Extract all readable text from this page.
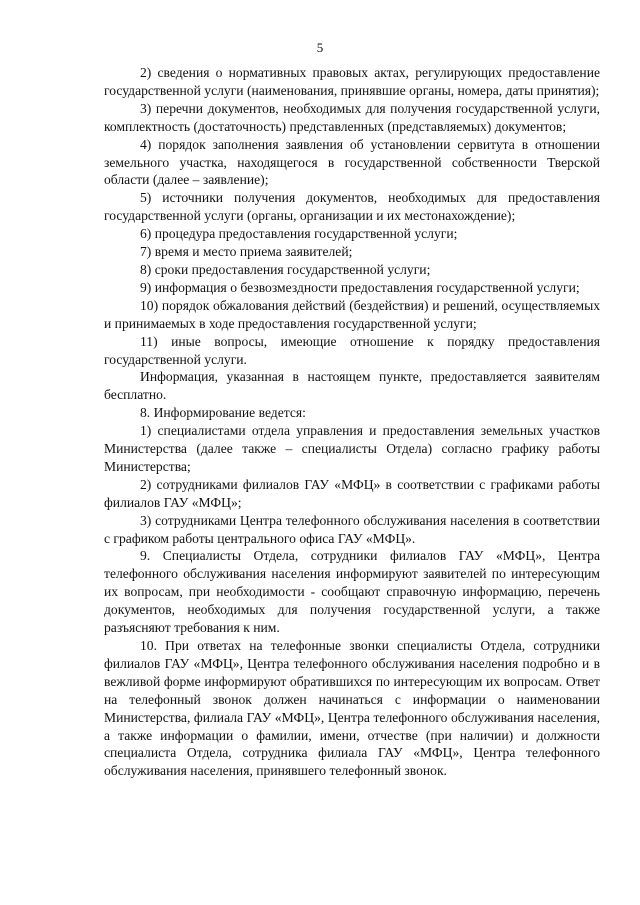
5

2) сведения о нормативных правовых актах, регулирующих предоставление государственной услуги (наименования, принявшие органы, номера, даты принятия);

3) перечни документов, необходимых для получения государственной услуги, комплектность (достаточность) представленных (представляемых) документов;

4) порядок заполнения заявления об установлении сервитута в отношении земельного участка, находящегося в государственной собственности Тверской области (далее – заявление);

5) источники получения документов, необходимых для предоставления государственной услуги (органы, организации и их местонахождение);

6) процедура предоставления государственной услуги;

7) время и место приема заявителей;

8) сроки предоставления государственной услуги;

9) информация о безвозмездности предоставления государственной услуги;

10) порядок обжалования действий (бездействия) и решений, осуществляемых и принимаемых в ходе предоставления государственной услуги;

11) иные вопросы, имеющие отношение к порядку предоставления государственной услуги.

Информация, указанная в настоящем пункте, предоставляется заявителям бесплатно.

8. Информирование ведется:

1) специалистами отдела управления и предоставления земельных участков Министерства (далее также – специалисты Отдела) согласно графику работы Министерства;

2) сотрудниками филиалов ГАУ «МФЦ» в соответствии с графиками работы филиалов ГАУ «МФЦ»;

3) сотрудниками Центра телефонного обслуживания населения в соответствии с графиком работы центрального офиса ГАУ «МФЦ».

9. Специалисты Отдела, сотрудники филиалов ГАУ «МФЦ», Центра телефонного обслуживания населения информируют заявителей по интересующим их вопросам, при необходимости - сообщают справочную информацию, перечень документов, необходимых для получения государственной услуги, а также разъясняют требования к ним.

10. При ответах на телефонные звонки специалисты Отдела, сотрудники филиалов ГАУ «МФЦ», Центра телефонного обслуживания населения подробно и в вежливой форме информируют обратившихся по интересующим их вопросам. Ответ на телефонный звонок должен начинаться с информации о наименовании Министерства, филиала ГАУ «МФЦ», Центра телефонного обслуживания населения, а также информации о фамилии, имени, отчестве (при наличии) и должности специалиста Отдела, сотрудника филиала ГАУ «МФЦ», Центра телефонного обслуживания населения, принявшего телефонный звонок.
